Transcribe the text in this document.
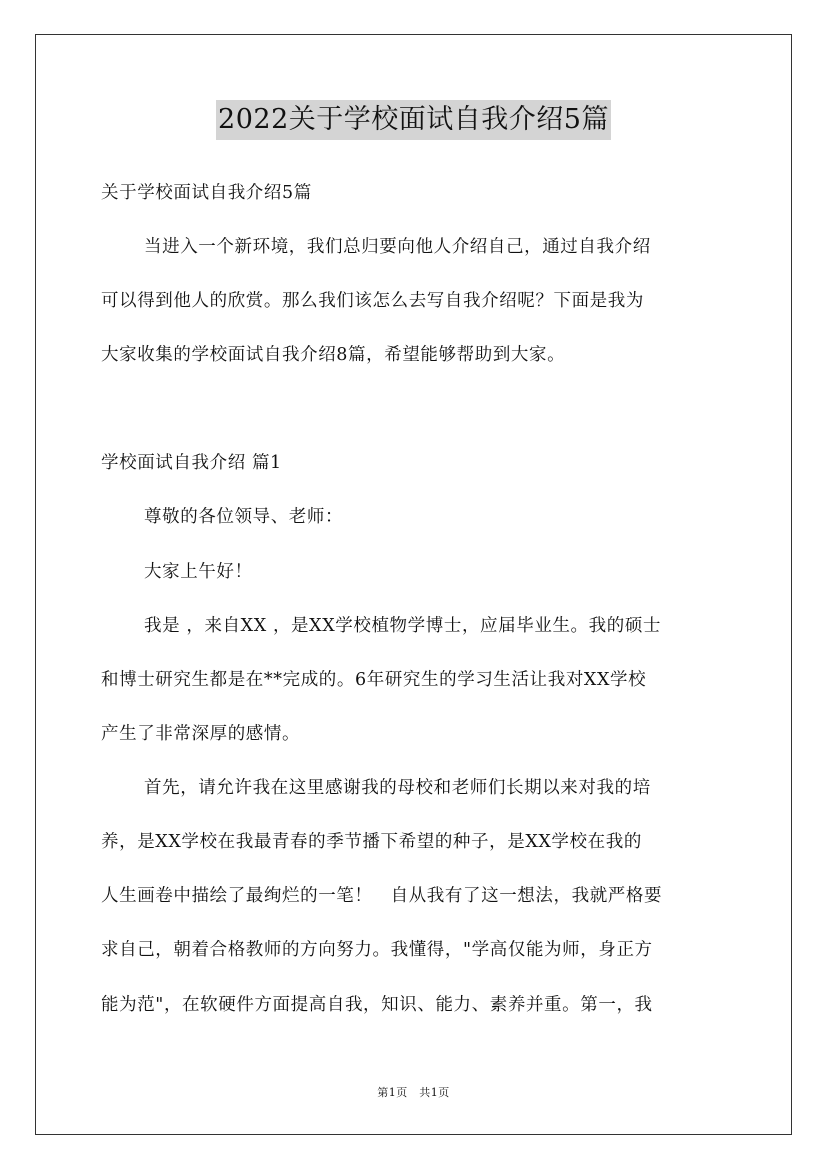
2022关于学校面试自我介绍5篇
关于学校面试自我介绍5篇
当进入一个新环境，我们总归要向他人介绍自己，通过自我介绍
可以得到他人的欣赏。那么我们该怎么去写自我介绍呢？下面是我为
大家收集的学校面试自我介绍8篇，希望能够帮助到大家。
学校面试自我介绍 篇1
尊敬的各位领导、老师：
大家上午好！
我是 ，来自XX ，是XX学校植物学博士，应届毕业生。我的硕士
和博士研究生都是在**完成的。6年研究生的学习生活让我对XX学校
产生了非常深厚的感情。
首先，请允许我在这里感谢我的母校和老师们长期以来对我的培
养，是XX学校在我最青春的季节播下希望的种子，是XX学校在我的
人生画卷中描绘了最绚烂的一笔！　自从我有了这一想法，我就严格要
求自己，朝着合格教师的方向努力。我懂得，"学高仅能为师，身正方
能为范"，在软硬件方面提高自我，知识、能力、素养并重。第一，我
第1页　共1页
